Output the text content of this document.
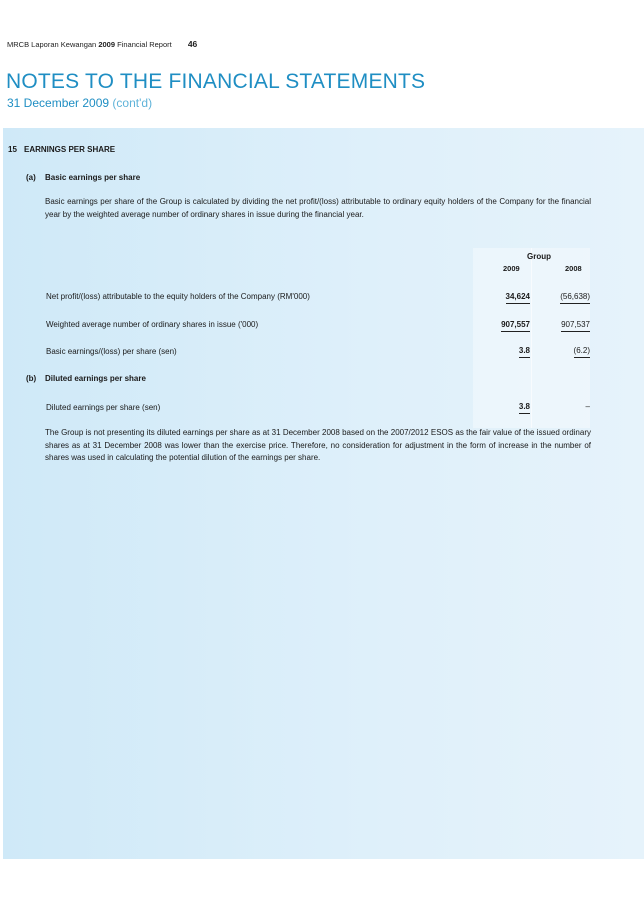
MRCB Laporan Kewangan 2009 Financial Report 46
NOTES TO THE FINANCIAL STATEMENTS
31 December 2009 (cont'd)
15 EARNINGS PER SHARE
(a) Basic earnings per share
Basic earnings per share of the Group is calculated by dividing the net profit/(loss) attributable to ordinary equity holders of the Company for the financial year by the weighted average number of ordinary shares in issue during the financial year.
Group
2009	2008
Net profit/(loss) attributable to the equity holders of the Company (RM'000)	34,624	(56,638)
Weighted average number of ordinary shares in issue ('000)	907,557	907,537
Basic earnings/(loss) per share (sen)	3.8	(6.2)
(b) Diluted earnings per share
Diluted earnings per share (sen)	3.8	–
The Group is not presenting its diluted earnings per share as at 31 December 2008 based on the 2007/2012 ESOS as the fair value of the issued ordinary shares as at 31 December 2008 was lower than the exercise price. Therefore, no consideration for adjustment in the form of increase in the number of shares was used in calculating the potential dilution of the earnings per share.
